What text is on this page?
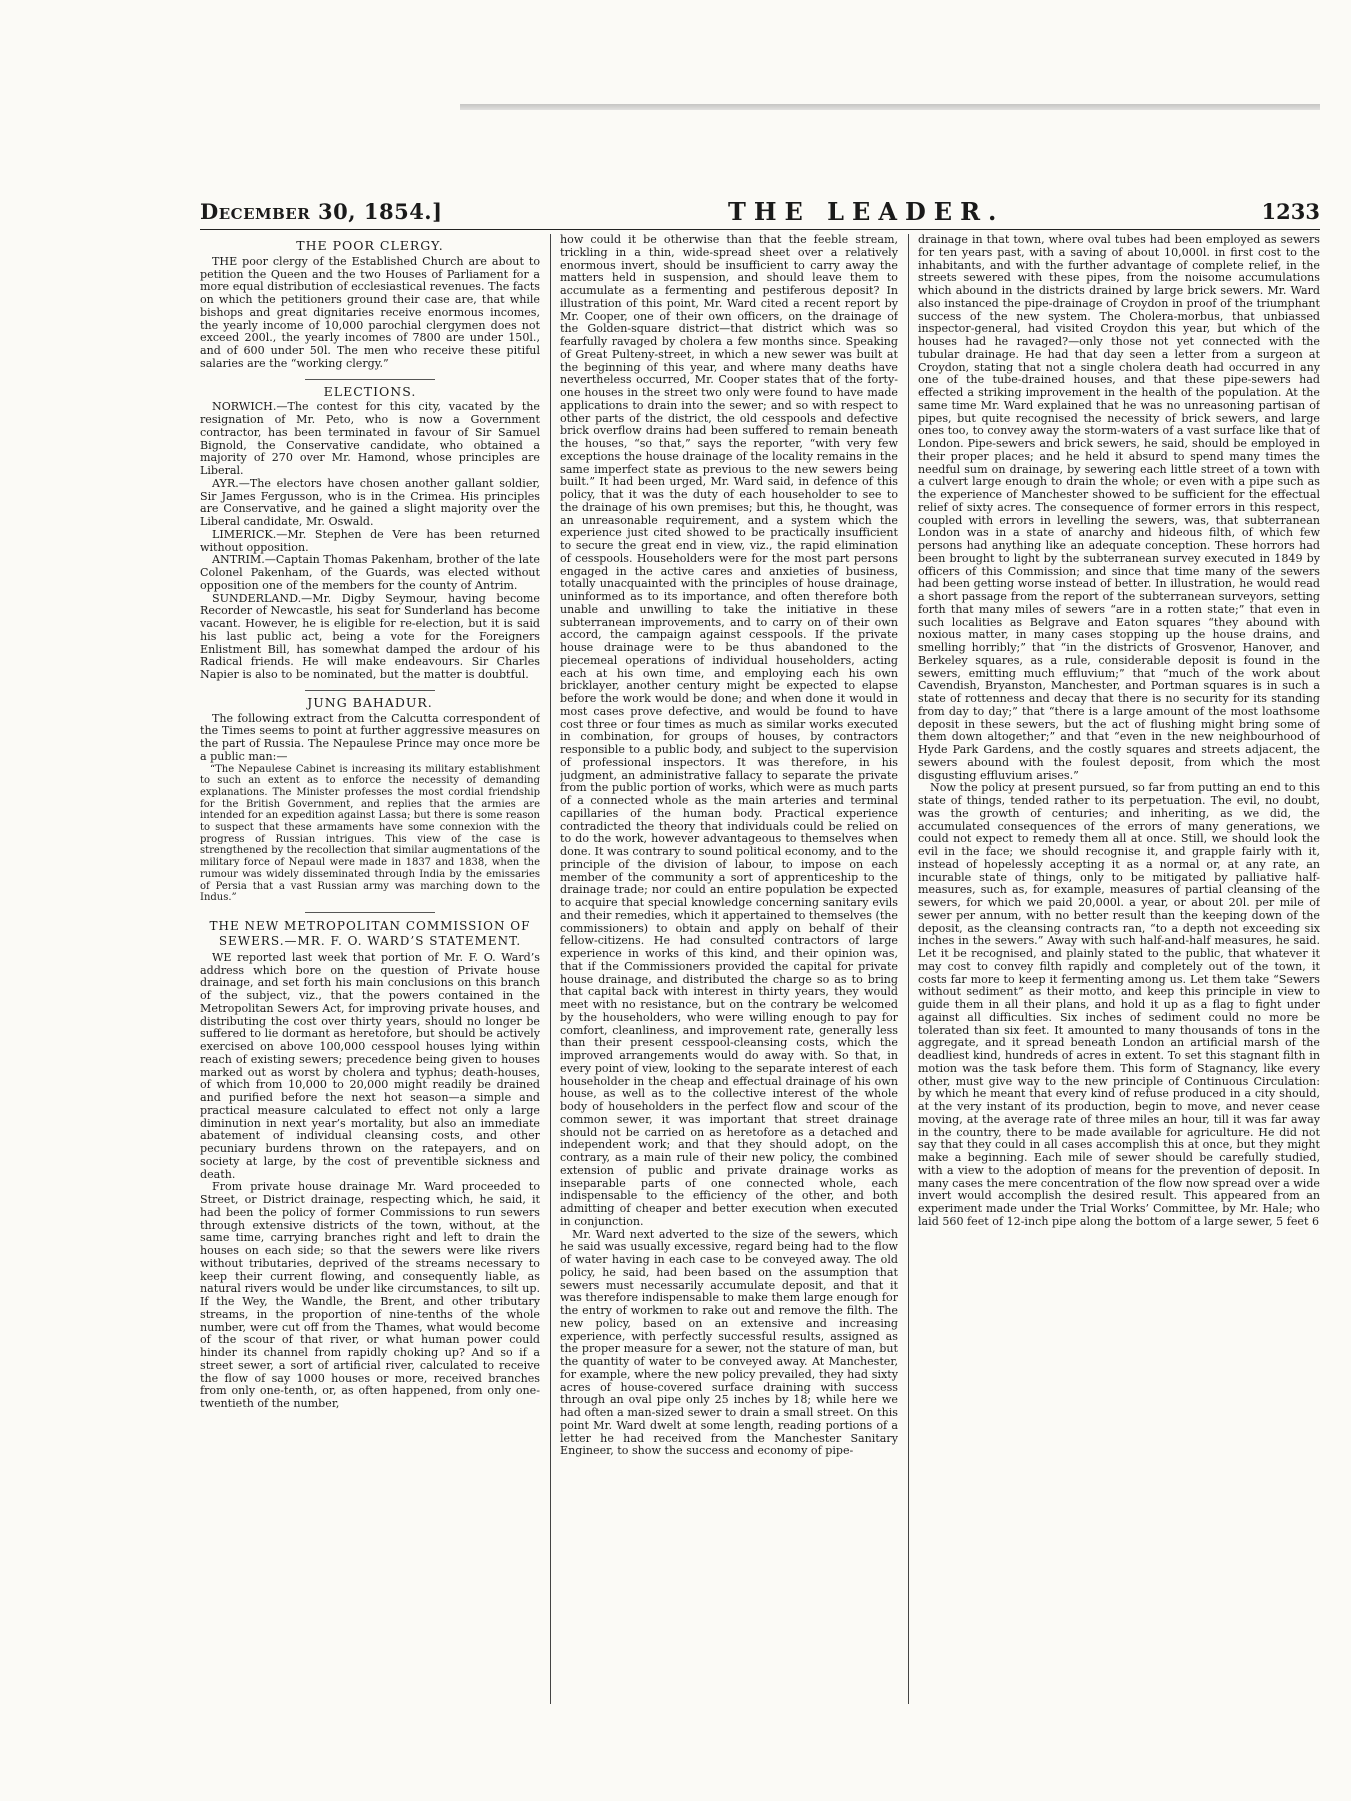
December 30, 1854.]	THE LEADER.	1233
THE POOR CLERGY.

THE poor clergy of the Established Church are about to petition the Queen and the two Houses of Parliament for a more equal distribution of ecclesiastical revenues. The facts on which the petitioners ground their case are, that while bishops and great dignitaries receive enormous incomes, the yearly income of 10,000 parochial clergymen does not exceed 200l., the yearly incomes of 7800 are under 150l., and of 600 under 50l. The men who receive these pitiful salaries are the “working clergy.”

ELECTIONS.

NORWICH.—The contest for this city, vacated by the resignation of Mr. Peto, who is now a Government contractor, has been terminated in favour of Sir Samuel Bignold, the Conservative candidate, who obtained a majority of 270 over Mr. Hamond, whose principles are Liberal.

AYR.—The electors have chosen another gallant soldier, Sir James Fergusson, who is in the Crimea. His principles are Conservative, and he gained a slight majority over the Liberal candidate, Mr. Oswald.

LIMERICK.—Mr. Stephen de Vere has been returned without opposition.

ANTRIM.—Captain Thomas Pakenham, brother of the late Colonel Pakenham, of the Guards, was elected without opposition one of the members for the county of Antrim.

SUNDERLAND.—Mr. Digby Seymour, having become Recorder of Newcastle, his seat for Sunderland has become vacant. However, he is eligible for re-election, but it is said his last public act, being a vote for the Foreigners Enlistment Bill, has somewhat damped the ardour of his Radical friends. He will make endeavours. Sir Charles Napier is also to be nominated, but the matter is doubtful.

JUNG BAHADUR.

The following extract from the Calcutta correspondent of the Times seems to point at further aggressive measures on the part of Russia. The Nepaulese Prince may once more be a public man:—

“The Nepaulese Cabinet is increasing its military establishment to such an extent as to enforce the necessity of demanding explanations. The Minister professes the most cordial friendship for the British Government, and replies that the armies are intended for an expedition against Lassa; but there is some reason to suspect that these armaments have some connexion with the progress of Russian intrigues. This view of the case is strengthened by the recollection that similar augmentations of the military force of Nepaul were made in 1837 and 1838, when the rumour was widely disseminated through India by the emissaries of Persia that a vast Russian army was marching down to the Indus.”

THE NEW METROPOLITAN COMMISSION OF SEWERS.—MR. F. O. WARD’S STATEMENT.

WE reported last week that portion of Mr. F. O. Ward’s address which bore on the question of Private house drainage, and set forth his main conclusions on this branch of the subject, viz., that the powers contained in the Metropolitan Sewers Act, for improving private houses, and distributing the cost over thirty years, should no longer be suffered to lie dormant as heretofore, but should be actively exercised on above 100,000 cesspool houses lying within reach of existing sewers; precedence being given to houses marked out as worst by cholera and typhus; death-houses, of which from 10,000 to 20,000 might readily be drained and purified before the next hot season—a simple and practical measure calculated to effect not only a large diminution in next year’s mortality, but also an immediate abatement of individual cleansing costs, and other pecuniary burdens thrown on the ratepayers, and on society at large, by the cost of preventible sickness and death.

From private house drainage Mr. Ward proceeded to Street, or District drainage, respecting which, he said, it had been the policy of former Commissions to run sewers through extensive districts of the town, without, at the same time, carrying branches right and left to drain the houses on each side; so that the sewers were like rivers without tributaries, deprived of the streams necessary to keep their current flowing, and consequently liable, as natural rivers would be under like circumstances, to silt up. If the Wey, the Wandle, the Brent, and other tributary streams, in the proportion of nine-tenths of the whole number, were cut off from the Thames, what would become of the scour of that river, or what human power could hinder its channel from rapidly choking up? And so if a street sewer, a sort of artificial river, calculated to receive the flow of say 1000 houses or more, received branches from only one-tenth, or, as often happened, from only one-twentieth of the number,

how could it be otherwise than that the feeble stream, trickling in a thin, wide-spread sheet over a relatively enormous invert, should be insufficient to carry away the matters held in suspension, and should leave them to accumulate as a fermenting and pestiferous deposit? In illustration of this point, Mr. Ward cited a recent report by Mr. Cooper, one of their own officers, on the drainage of the Golden-square district—that district which was so fearfully ravaged by cholera a few months since. Speaking of Great Pulteny-street, in which a new sewer was built at the beginning of this year, and where many deaths have nevertheless occurred, Mr. Cooper states that of the forty-one houses in the street two only were found to have made applications to drain into the sewer; and so with respect to other parts of the district, the old cesspools and defective brick overflow drains had been suffered to remain beneath the houses, “so that,” says the reporter, “with very few exceptions the house drainage of the locality remains in the same imperfect state as previous to the new sewers being built.” It had been urged, Mr. Ward said, in defence of this policy, that it was the duty of each householder to see to the drainage of his own premises; but this, he thought, was an unreasonable requirement, and a system which the experience just cited showed to be practically insufficient to secure the great end in view, viz., the rapid elimination of cesspools. Householders were for the most part persons engaged in the active cares and anxieties of business, totally unacquainted with the principles of house drainage, uninformed as to its importance, and often therefore both unable and unwilling to take the initiative in these subterranean improvements, and to carry on of their own accord, the campaign against cesspools. If the private house drainage were to be thus abandoned to the piecemeal operations of individual householders, acting each at his own time, and employing each his own bricklayer, another century might be expected to elapse before the work would be done; and when done it would in most cases prove defective, and would be found to have cost three or four times as much as similar works executed in combination, for groups of houses, by contractors responsible to a public body, and subject to the supervision of professional inspectors. It was therefore, in his judgment, an administrative fallacy to separate the private from the public portion of works, which were as much parts of a connected whole as the main arteries and terminal capillaries of the human body. Practical experience contradicted the theory that individuals could be relied on to do the work, however advantageous to themselves when done. It was contrary to sound political economy, and to the principle of the division of labour, to impose on each member of the community a sort of apprenticeship to the drainage trade; nor could an entire population be expected to acquire that special knowledge concerning sanitary evils and their remedies, which it appertained to themselves (the commissioners) to obtain and apply on behalf of their fellow-citizens. He had consulted contractors of large experience in works of this kind, and their opinion was, that if the Commissioners provided the capital for private house drainage, and distributed the charge so as to bring that capital back with interest in thirty years, they would meet with no resistance, but on the contrary be welcomed by the householders, who were willing enough to pay for comfort, cleanliness, and improvement rate, generally less than their present cesspool-cleansing costs, which the improved arrangements would do away with. So that, in every point of view, looking to the separate interest of each householder in the cheap and effectual drainage of his own house, as well as to the collective interest of the whole body of householders in the perfect flow and scour of the common sewer, it was important that street drainage should not be carried on as heretofore as a detached and independent work; and that they should adopt, on the contrary, as a main rule of their new policy, the combined extension of public and private drainage works as inseparable parts of one connected whole, each indispensable to the efficiency of the other, and both admitting of cheaper and better execution when executed in conjunction.

Mr. Ward next adverted to the size of the sewers, which he said was usually excessive, regard being had to the flow of water having in each case to be conveyed away. The old policy, he said, had been based on the assumption that sewers must necessarily accumulate deposit, and that it was therefore indispensable to make them large enough for the entry of workmen to rake out and remove the filth. The new policy, based on an extensive and increasing experience, with perfectly successful results, assigned as the proper measure for a sewer, not the stature of man, but the quantity of water to be conveyed away. At Manchester, for example, where the new policy prevailed, they had sixty acres of house-covered surface draining with success through an oval pipe only 25 inches by 18; while here we had often a man-sized sewer to drain a small street. On this point Mr. Ward dwelt at some length, reading portions of a letter he had received from the Manchester Sanitary Engineer, to show the success and economy of pipe-

drainage in that town, where oval tubes had been employed as sewers for ten years past, with a saving of about 10,000l. in first cost to the inhabitants, and with the further advantage of complete relief, in the streets sewered with these pipes, from the noisome accumulations which abound in the districts drained by large brick sewers. Mr. Ward also instanced the pipe-drainage of Croydon in proof of the triumphant success of the new system. The Cholera-morbus, that unbiassed inspector-general, had visited Croydon this year, but which of the houses had he ravaged?—only those not yet connected with the tubular drainage. He had that day seen a letter from a surgeon at Croydon, stating that not a single cholera death had occurred in any one of the tube-drained houses, and that these pipe-sewers had effected a striking improvement in the health of the population. At the same time Mr. Ward explained that he was no unreasoning partisan of pipes, but quite recognised the necessity of brick sewers, and large ones too, to convey away the storm-waters of a vast surface like that of London. Pipe-sewers and brick sewers, he said, should be employed in their proper places; and he held it absurd to spend many times the needful sum on drainage, by sewering each little street of a town with a culvert large enough to drain the whole; or even with a pipe such as the experience of Manchester showed to be sufficient for the effectual relief of sixty acres. The consequence of former errors in this respect, coupled with errors in levelling the sewers, was, that subterranean London was in a state of anarchy and hideous filth, of which few persons had anything like an adequate conception. These horrors had been brought to light by the subterranean survey executed in 1849 by officers of this Commission; and since that time many of the sewers had been getting worse instead of better. In illustration, he would read a short passage from the report of the subterranean surveyors, setting forth that many miles of sewers “are in a rotten state;” that even in such localities as Belgrave and Eaton squares “they abound with noxious matter, in many cases stopping up the house drains, and smelling horribly;” that “in the districts of Grosvenor, Hanover, and Berkeley squares, as a rule, considerable deposit is found in the sewers, emitting much effluvium;” that “much of the work about Cavendish, Bryanston, Manchester, and Portman squares is in such a state of rottenness and decay that there is no security for its standing from day to day;” that “there is a large amount of the most loathsome deposit in these sewers, but the act of flushing might bring some of them down altogether;” and that “even in the new neighbourhood of Hyde Park Gardens, and the costly squares and streets adjacent, the sewers abound with the foulest deposit, from which the most disgusting effluvium arises.”

Now the policy at present pursued, so far from putting an end to this state of things, tended rather to its perpetuation. The evil, no doubt, was the growth of centuries; and inheriting, as we did, the accumulated consequences of the errors of many generations, we could not expect to remedy them all at once. Still, we should look the evil in the face; we should recognise it, and grapple fairly with it, instead of hopelessly accepting it as a normal or, at any rate, an incurable state of things, only to be mitigated by palliative half-measures, such as, for example, measures of partial cleansing of the sewers, for which we paid 20,000l. a year, or about 20l. per mile of sewer per annum, with no better result than the keeping down of the deposit, as the cleansing contracts ran, “to a depth not exceeding six inches in the sewers.” Away with such half-and-half measures, he said. Let it be recognised, and plainly stated to the public, that whatever it may cost to convey filth rapidly and completely out of the town, it costs far more to keep it fermenting among us. Let them take “Sewers without sediment” as their motto, and keep this principle in view to guide them in all their plans, and hold it up as a flag to fight under against all difficulties. Six inches of sediment could no more be tolerated than six feet. It amounted to many thousands of tons in the aggregate, and it spread beneath London an artificial marsh of the deadliest kind, hundreds of acres in extent. To set this stagnant filth in motion was the task before them. This form of Stagnancy, like every other, must give way to the new principle of Continuous Circulation: by which he meant that every kind of refuse produced in a city should, at the very instant of its production, begin to move, and never cease moving, at the average rate of three miles an hour, till it was far away in the country, there to be made available for agriculture. He did not say that they could in all cases accomplish this at once, but they might make a beginning. Each mile of sewer should be carefully studied, with a view to the adoption of means for the prevention of deposit. In many cases the mere concentration of the flow now spread over a wide invert would accomplish the desired result. This appeared from an experiment made under the Trial Works’ Committee, by Mr. Hale; who laid 560 feet of 12-inch pipe along the bottom of a large sewer, 5 feet 6
